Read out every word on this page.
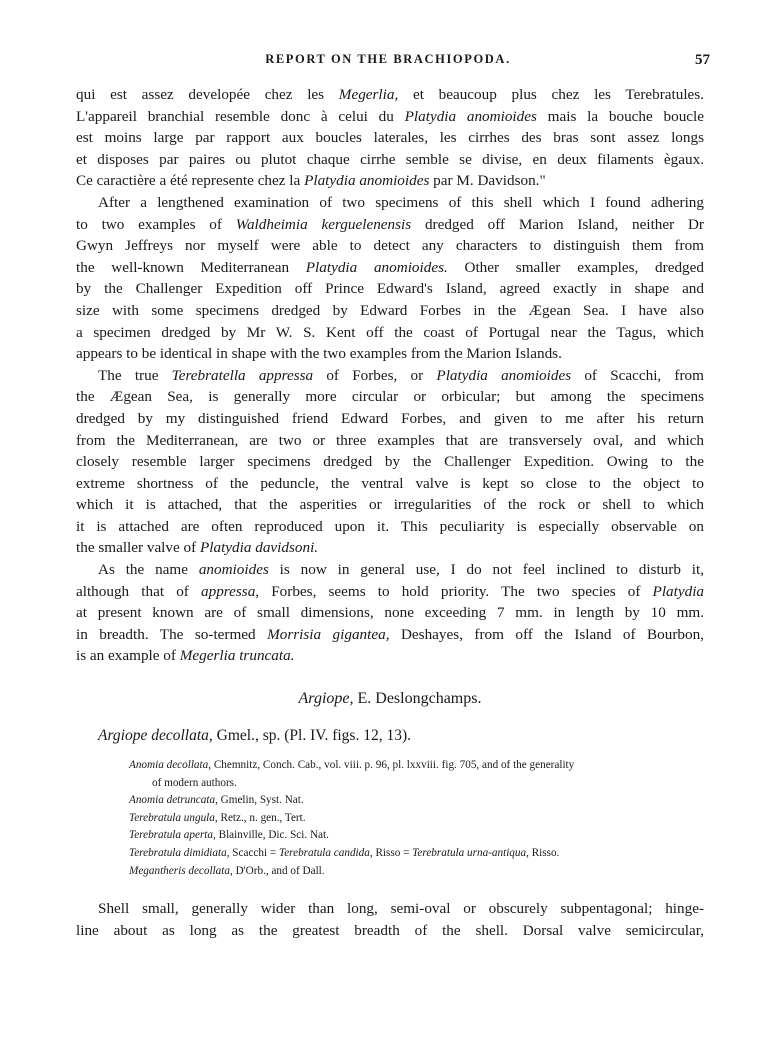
REPORT ON THE BRACHIOPODA.	57
qui est assez developée chez les Megerlia, et beaucoup plus chez les Terebratules.
L'appareil branchial resemble donc à celui du Platydia anomioides mais la bouche boucle
est moins large par rapport aux boucles laterales, les cirrhes des bras sont assez longs
et disposes par paires ou plutot chaque cirrhe semble se divise, en deux filaments ègaux.
Ce caractière a été represente chez la Platydia anomioides par M. Davidson."
After a lengthened examination of two specimens of this shell which I found adhering
to two examples of Waldheimia kerguelenensis dredged off Marion Island, neither Dr
Gwyn Jeffreys nor myself were able to detect any characters to distinguish them from
the well-known Mediterranean Platydia anomioides. Other smaller examples, dredged
by the Challenger Expedition off Prince Edward's Island, agreed exactly in shape and
size with some specimens dredged by Edward Forbes in the Ægean Sea. I have also
a specimen dredged by Mr W. S. Kent off the coast of Portugal near the Tagus, which
appears to be identical in shape with the two examples from the Marion Islands.
The true Terebratella appressa of Forbes, or Platydia anomioides of Scacchi, from
the Ægean Sea, is generally more circular or orbicular; but among the specimens
dredged by my distinguished friend Edward Forbes, and given to me after his return
from the Mediterranean, are two or three examples that are transversely oval, and which
closely resemble larger specimens dredged by the Challenger Expedition. Owing to the
extreme shortness of the peduncle, the ventral valve is kept so close to the object to
which it is attached, that the asperities or irregularities of the rock or shell to which
it is attached are often reproduced upon it. This peculiarity is especially observable on
the smaller valve of Platydia davidsoni.
As the name anomioides is now in general use, I do not feel inclined to disturb it,
although that of appressa, Forbes, seems to hold priority. The two species of Platydia
at present known are of small dimensions, none exceeding 7 mm. in length by 10 mm.
in breadth. The so-termed Morrisia gigantea, Deshayes, from off the Island of Bourbon,
is an example of Megerlia truncata.
Argiope, E. Deslongchamps.
Argiope decollata, Gmel., sp. (Pl. IV. figs. 12, 13).
Anomia decollata, Chemnitz, Conch. Cab., vol. viii. p. 96, pl. lxxviii. fig. 705, and of the generality
of modern authors.
Anomia detruncata, Gmelin, Syst. Nat.
Terebratula ungula, Retz., n. gen., Tert.
Terebratula aperta, Blainville, Dic. Sci. Nat.
Terebratula dimidiata, Scacchi = Terebratula candida, Risso = Terebratula urna-antiqua, Risso.
Megantheris decollata, D'Orb., and of Dall.
Shell small, generally wider than long, semi-oval or obscurely subpentagonal; hinge-
line about as long as the greatest breadth of the shell. Dorsal valve semicircular,
